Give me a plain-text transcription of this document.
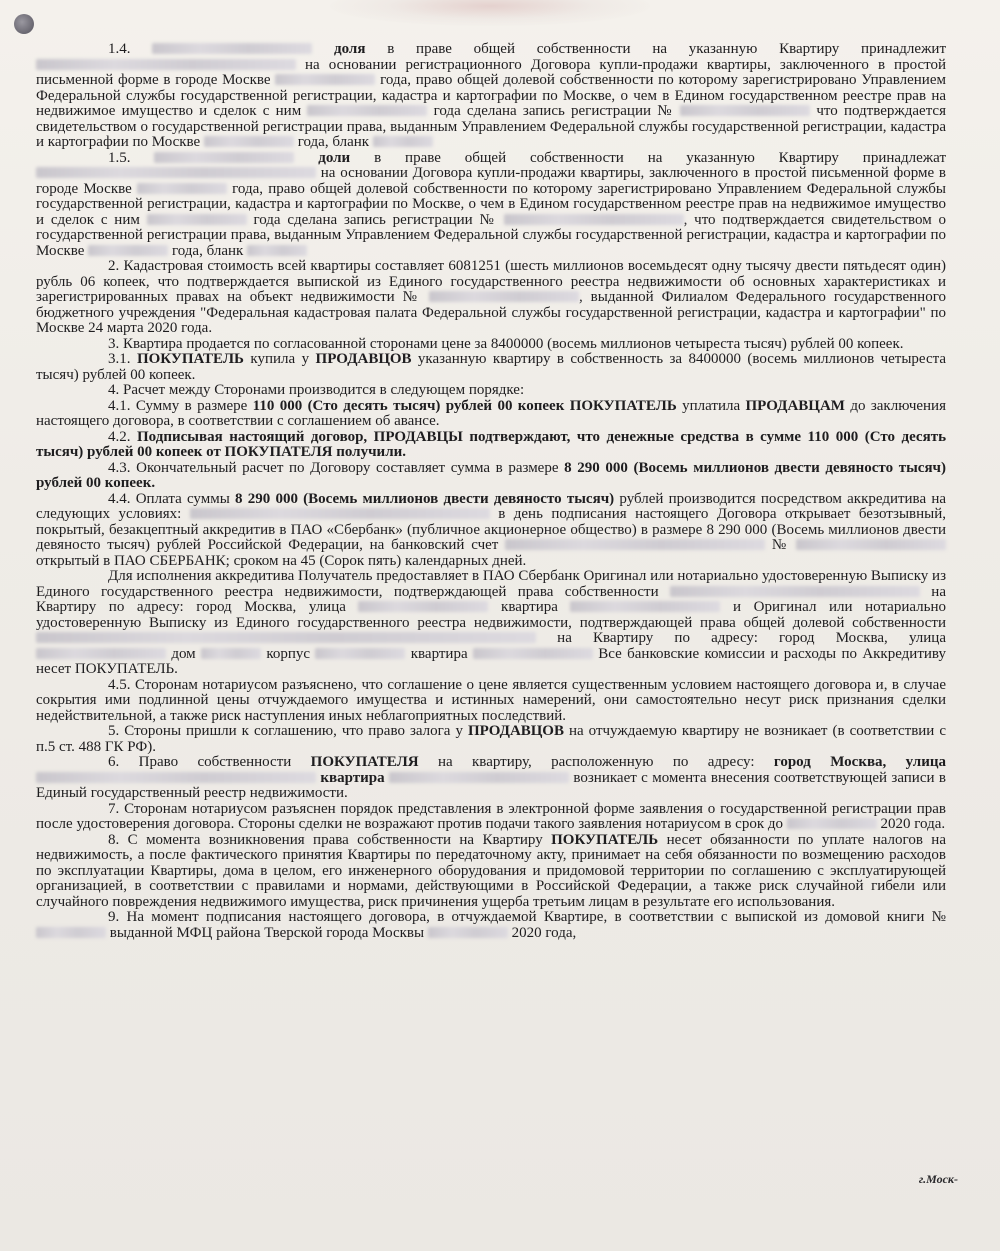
1.4.	доля в праве общей собственности на указанную Квартиру принадлежит  на основании регистрационного Договора купли-продажи квартиры, заключенного в простой письменной форме в городе Москве	года, право общей долевой собственности по которому зарегистрировано Управлением Федеральной службы государственной регистрации, кадастра и картографии по Москве, о чем в Едином государственном реестре прав на недвижимое имущество и сделок с ним	года сделана запись регистрации №	что подтверждается свидетельством о государственной регистрации права, выданным Управлением Федеральной службы государственной регистрации, кадастра и картографии по Москве	года, бланк

1.5.	доли в праве общей собственности на указанную Квартиру принадлежат  на основании Договора купли-продажи квартиры, заключенного в простой письменной форме в городе Москве	года, право общей долевой собственности по которому зарегистрировано Управлением Федеральной службы государственной регистрации, кадастра и картографии по Москве, о чем в Едином государственном реестре прав на недвижимое имущество и сделок с ним	года сделана запись регистрации №	, что подтверждается свидетельством о государственной регистрации права, выданным Управлением Федеральной службы государственной регистрации, кадастра и картографии по Москве	года, бланк

2. Кадастровая стоимость всей квартиры составляет 6081251 (шесть миллионов восемьдесят одну тысячу двести пятьдесят один) рубль 06 копеек, что подтверждается выпиской из Единого государственного реестра недвижимости об основных характеристиках и зарегистрированных правах на объект недвижимости №	, выданной Филиалом Федерального государственного бюджетного учреждения "Федеральная кадастровая палата Федеральной службы государственной регистрации, кадастра и картографии" по Москве 24 марта 2020 года.

3. Квартира продается по согласованной сторонами цене за 8400000 (восемь миллионов четыреста тысяч) рублей 00 копеек.

3.1. ПОКУПАТЕЛЬ купила у ПРОДАВЦОВ указанную квартиру в собственность за 8400000 (восемь миллионов четыреста тысяч) рублей 00 копеек.

4. Расчет между Сторонами производится в следующем порядке:

4.1. Сумму в размере 110 000 (Сто десять тысяч) рублей 00 копеек ПОКУПАТЕЛЬ уплатила ПРОДАВЦАМ до заключения настоящего договора, в соответствии с соглашением об авансе.

4.2. Подписывая настоящий договор, ПРОДАВЦЫ подтверждают, что денежные средства в сумме 110 000 (Сто десять тысяч) рублей 00 копеек от ПОКУПАТЕЛЯ получили.

4.3. Окончательный расчет по Договору составляет сумма в размере 8 290 000 (Восемь миллионов двести девяносто тысяч) рублей 00 копеек.

4.4. Оплата суммы 8 290 000 (Восемь миллионов двести девяносто тысяч) рублей производится посредством аккредитива на следующих условиях:	в день подписания настоящего Договора открывает безотзывный, покрытый, безакцептный аккредитив в ПАО «Сбербанк» (публичное акционерное общество) в размере 8 290 000 (Восемь миллионов двести девяносто тысяч) рублей Российской Федерации, на банковский счет	№  открытый в ПАО СБЕРБАНК; сроком на 45 (Сорок пять) календарных дней.

Для исполнения аккредитива Получатель предоставляет в ПАО Сбербанк Оригинал или нотариально удостоверенную Выписку из Единого государственного реестра недвижимости, подтверждающей права собственности	на Квартиру по адресу: город Москва, улица	квартира	и Оригинал или нотариально удостоверенную Выписку из Единого государственного реестра недвижимости, подтверждающей права общей долевой собственности  на Квартиру по адресу: город Москва, улица  дом	корпус	квартира	Все банковские комиссии и расходы по Аккредитиву несет ПОКУПАТЕЛЬ.

4.5. Сторонам нотариусом разъяснено, что соглашение о цене является существенным условием настоящего договора и, в случае сокрытия ими подлинной цены отчуждаемого имущества и истинных намерений, они самостоятельно несут риск признания сделки недействительной, а также риск наступления иных неблагоприятных последствий.

5. Стороны пришли к соглашению, что право залога у ПРОДАВЦОВ на отчуждаемую квартиру не возникает (в соответствии с п.5 ст. 488 ГК РФ).

6. Право собственности ПОКУПАТЕЛЯ на квартиру, расположенную по адресу: город Москва, улица  квартира	возникает с момента внесения соответствующей записи в Единый государственный реестр недвижимости.

7. Сторонам нотариусом разъяснен порядок представления в электронной форме заявления о государственной регистрации прав после удостоверения договора. Стороны сделки не возражают против подачи такого заявления нотариусом в срок до	2020 года.

8. С момента возникновения права собственности на Квартиру ПОКУПАТЕЛЬ несет обязанности по уплате налогов на недвижимость, а после фактического принятия Квартиры по передаточному акту, принимает на себя обязанности по возмещению расходов по эксплуатации Квартиры, дома в целом, его инженерного оборудования и придомовой территории по соглашению с эксплуатирующей организацией, в соответствии с правилами и нормами, действующими в Российской Федерации, а также риск случайной гибели или случайного повреждения недвижимого имущества, риск причинения ущерба третьим лицам в результате его использования.

9. На момент подписания настоящего договора, в отчуждаемой Квартире, в соответствии с выпиской из домовой книги №  выданной МФЦ района Тверской города Москвы	2020 года,

г.Моск-
